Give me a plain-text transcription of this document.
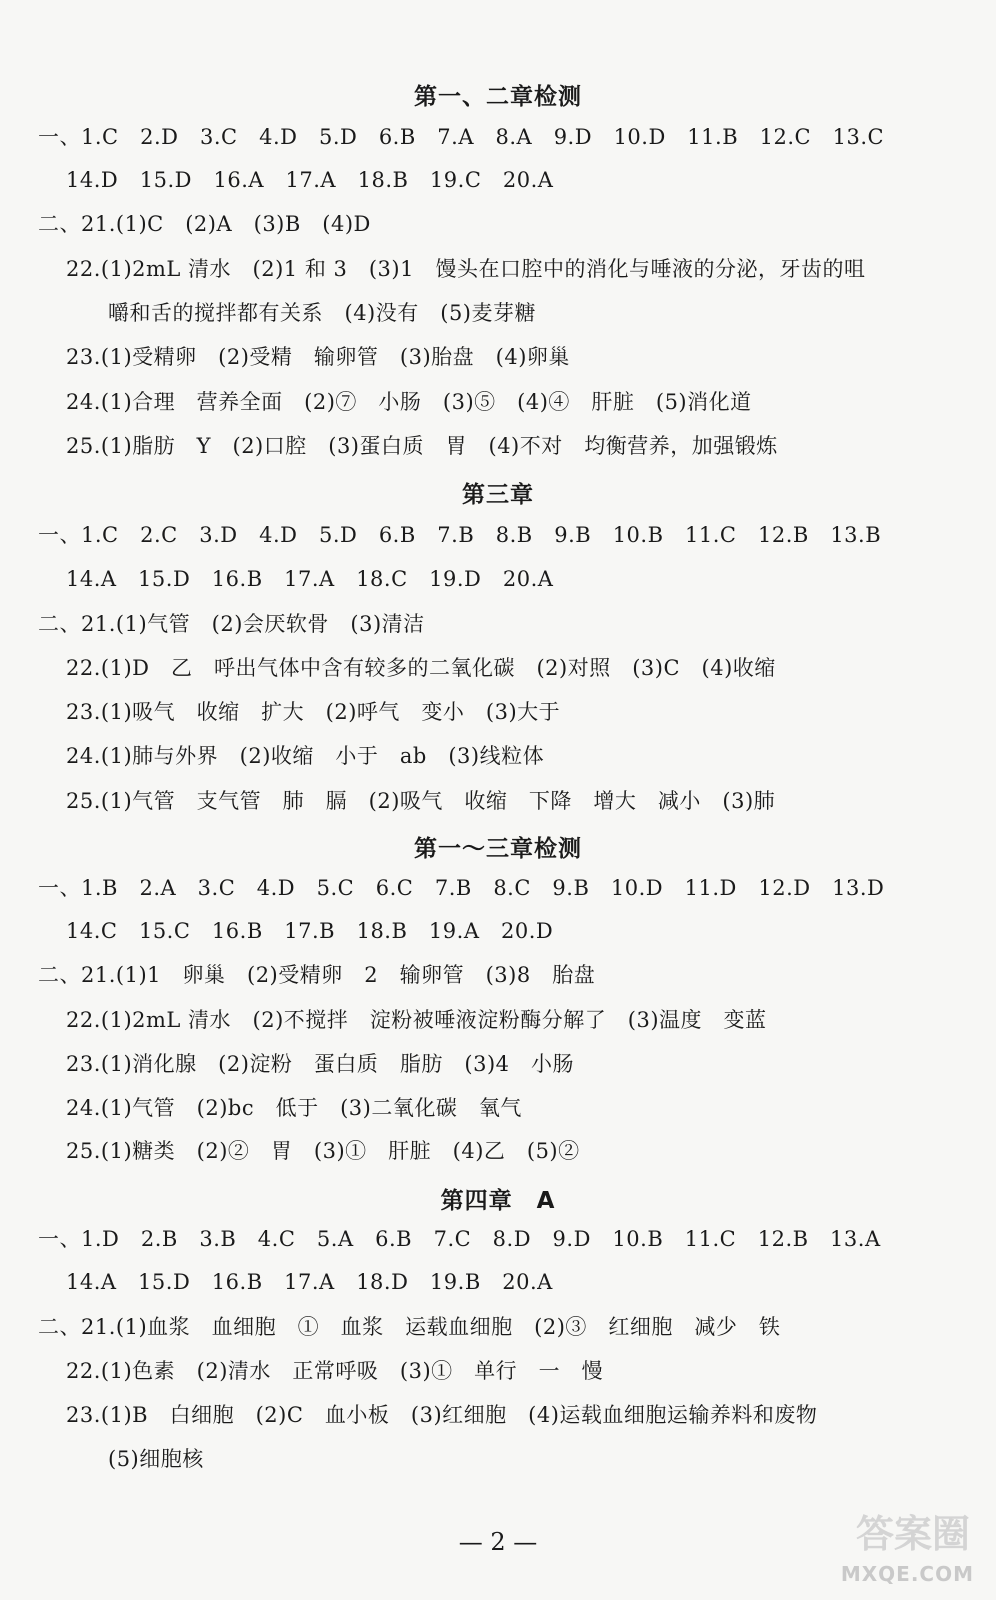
第一、二章检测
一、1.C　2.D　3.C　4.D　5.D　6.B　7.A　8.A　9.D　10.D　11.B　12.C　13.C
14.D　15.D　16.A　17.A　18.B　19.C　20.A
二、21.(1)C　(2)A　(3)B　(4)D
22.(1)2mL 清水　(2)1 和 3　(3)1　馒头在口腔中的消化与唾液的分泌，牙齿的咀
嚼和舌的搅拌都有关系　(4)没有　(5)麦芽糖
23.(1)受精卵　(2)受精　输卵管　(3)胎盘　(4)卵巢
24.(1)合理　营养全面　(2)⑦　小肠　(3)⑤　(4)④　肝脏　(5)消化道
25.(1)脂肪　Y　(2)口腔　(3)蛋白质　胃　(4)不对　均衡营养，加强锻炼
第三章
一、1.C　2.C　3.D　4.D　5.D　6.B　7.B　8.B　9.B　10.B　11.C　12.B　13.B
14.A　15.D　16.B　17.A　18.C　19.D　20.A
二、21.(1)气管　(2)会厌软骨　(3)清洁
22.(1)D　乙　呼出气体中含有较多的二氧化碳　(2)对照　(3)C　(4)收缩
23.(1)吸气　收缩　扩大　(2)呼气　变小　(3)大于
24.(1)肺与外界　(2)收缩　小于　ab　(3)线粒体
25.(1)气管　支气管　肺　膈　(2)吸气　收缩　下降　增大　减小　(3)肺
第一～三章检测
一、1.B　2.A　3.C　4.D　5.C　6.C　7.B　8.C　9.B　10.D　11.D　12.D　13.D
14.C　15.C　16.B　17.B　18.B　19.A　20.D
二、21.(1)1　卵巢　(2)受精卵　2　输卵管　(3)8　胎盘
22.(1)2mL 清水　(2)不搅拌　淀粉被唾液淀粉酶分解了　(3)温度　变蓝
23.(1)消化腺　(2)淀粉　蛋白质　脂肪　(3)4　小肠
24.(1)气管　(2)bc　低于　(3)二氧化碳　氧气
25.(1)糖类　(2)②　胃　(3)①　肝脏　(4)乙　(5)②
第四章　A
一、1.D　2.B　3.B　4.C　5.A　6.B　7.C　8.D　9.D　10.B　11.C　12.B　13.A
14.A　15.D　16.B　17.A　18.D　19.B　20.A
二、21.(1)血浆　血细胞　①　血浆　运载血细胞　(2)③　红细胞　减少　铁
22.(1)色素　(2)清水　正常呼吸　(3)①　单行　一　慢
23.(1)B　白细胞　(2)C　血小板　(3)红细胞　(4)运载血细胞运输养料和废物
(5)细胞核
— 2 —	答案圈
MXQE.COM
